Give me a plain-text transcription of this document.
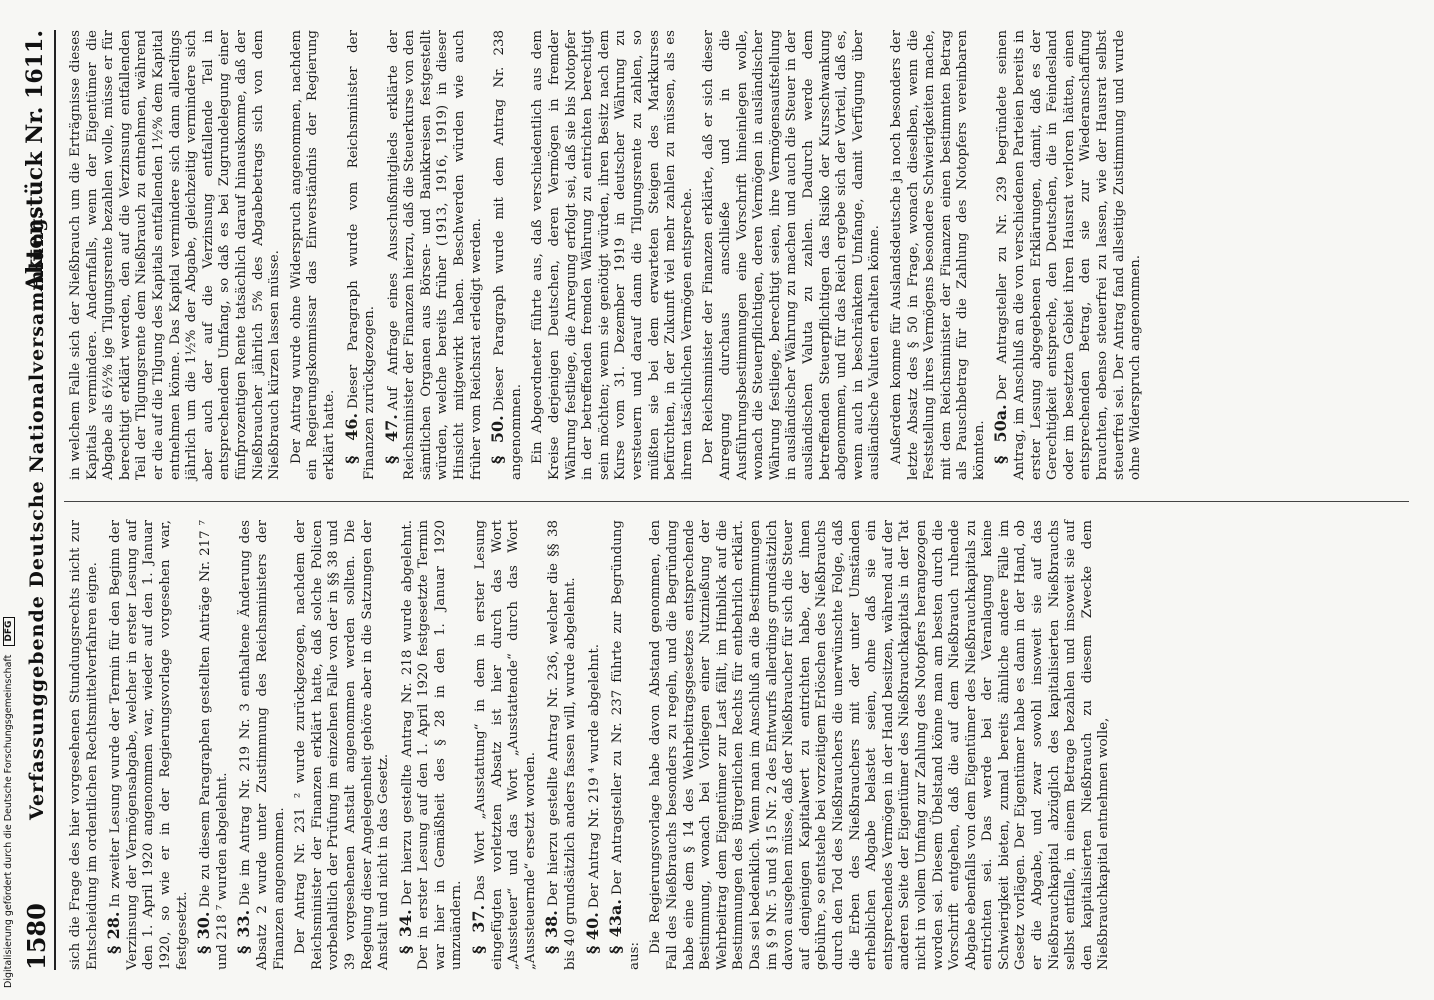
1580
Verfassunggebende Deutsche Nationalversammlung.
Aktenstück Nr. 1611.

sich die Frage des hier vorgesehenen Stundungsrechts nicht zur Entscheidung im ordentlichen Rechtsmittelverfahren eigne. § 28.In zweiter Lesung wurde der Termin für den Beginn der Verzinsung der Vermögensabgabe, welcher in erster Lesung auf den 1. April 1920 angenommen war, wieder auf den 1. Januar 1920, so wie er in der Regierungsvorlage vorgesehen war, festgesetzt. § 30.Die zu diesem Paragraphen gestellten Anträge Nr. 217 ⁷ und 218 ⁷ wurden abgelehnt. § 33.Die im Antrag Nr. 219 Nr. 3 enthaltene Änderung des Absatz 2 wurde unter Zustimmung des Reichsministers der Finanzen angenommen. Der Antrag Nr. 231 ² wurde zurückgezogen, nachdem der Reichsminister der Finanzen erklärt hatte, daß solche Policen vorbehaltlich der Prüfung im einzelnen Falle von der in §§ 38 und 39 vorgesehenen Anstalt angenommen werden sollten. Die Regelung dieser Angelegenheit gehöre aber in die Satzungen der Anstalt und nicht in das Gesetz. § 34.Der hierzu gestellte Antrag Nr. 218 wurde abgelehnt. Der in erster Lesung auf den 1. April 1920 festgesetzte Termin war hier in Gemäßheit des § 28 in den 1. Januar 1920 umzuändern. § 37.Das Wort „Ausstattung“ in dem in erster Lesung eingefügten vorletzten Absatz ist hier durch das Wort „Aussteuer“ und das Wort „Ausstattende“ durch das Wort „Aussteuernde“ ersetzt worden. § 38.Der hierzu gestellte Antrag Nr. 236, welcher die §§ 38 bis 40 grundsätzlich anders fassen will, wurde abgelehnt. § 40.Der Antrag Nr. 219 ⁴ wurde abgelehnt.

§ 43a.Der Antragsteller zu Nr. 237 führte zur Begründung aus:

Die Regierungsvorlage habe davon Abstand genommen, den Fall des Nießbrauchs besonders zu regeln, und die Begründung habe eine dem § 14 des Wehrbeitragsgesetzes entsprechende Bestimmung, wonach bei Vorliegen einer Nutznießung der Wehrbeitrag dem Eigentümer zur Last fällt, im Hinblick auf die Bestimmungen des Bürgerlichen Rechts für entbehrlich erklärt. Das sei bedenklich. Wenn man im Anschluß an die Bestimmungen im § 9 Nr. 5 und § 15 Nr. 2 des Entwurfs allerdings grundsätzlich davon ausgehen müsse, daß der Nießbraucher für sich die Steuer auf denjenigen Kapitalwert zu entrichten habe, der ihnen gebühre, so entstehe bei vorzeitigem Erlöschen des Nießbrauchs durch den Tod des Nießbrauchers die unerwünschte Folge, daß die Erben des Nießbrauchers mit der unter Umständen erheblichen Abgabe belastet seien, ohne daß sie ein entsprechendes Vermögen in der Hand besitzen, während auf der anderen Seite der Eigentümer des Nießbrauchkapitals in der Tat nicht in vollem Umfang zur Zahlung des Notopfers herangezogen worden sei. Diesem Übelstand könne man am besten durch die Vorschrift entgehen, daß die auf dem Nießbrauch ruhende Abgabe ebenfalls von dem Eigentümer des Nießbrauchkapitals zu entrichten sei. Das werde bei der Veranlagung keine Schwierigkeit bieten, zumal bereits ähnliche andere Fälle im Gesetz vorlägen. Der Eigentümer habe es dann in der Hand, ob er die Abgabe, und zwar sowohl insoweit sie auf das Nießbrauchkapital abzüglich des kapitalisierten Nießbrauchs selbst entfalle, in einem Betrage bezahlen und insoweit sie auf den kapitalisierten Nießbrauch zu diesem Zwecke dem Nießbrauchkapital entnehmen wolle,

in welchem Falle sich der Nießbrauch um die Erträgnisse dieses Kapitals vermindere. Andernfalls, wenn der Eigentümer die Abgabe als 6½% ige Tilgungsrente bezahlen wolle, müsse er für berechtigt erklärt werden, den auf die Verzinsung entfallenden Teil der Tilgungsrente dem Nießbrauch zu entnehmen, während er die auf die Tilgung des Kapitals entfallenden 1½% dem Kapital entnehmen könne. Das Kapital vermindere sich dann allerdings jährlich um die 1½% der Abgabe, gleichzeitig vermindere sich aber auch der auf die Verzinsung entfallende Teil in entsprechendem Umfang, so daß es bei Zugrundelegung einer fünfprozentigen Rente tatsächlich darauf hinauskomme, daß der Nießbraucher jährlich 5% des Abgabebetrags sich von dem Nießbrauch kürzen lassen müsse. Der Antrag wurde ohne Widerspruch angenommen, nachdem ein Regierungskommissar das Einverständnis der Regierung erklärt hatte. § 46.Dieser Paragraph wurde vom Reichsminister der Finanzen zurückgezogen. § 47.Auf Anfrage eines Ausschußmitglieds erklärte der Reichsminister der Finanzen hierzu, daß die Steuerkurse von den sämtlichen Organen aus Börsen- und Bankkreisen festgestellt würden, welche bereits früher (1913, 1916, 1919) in dieser Hinsicht mitgewirkt haben. Beschwerden würden wie auch früher vom Reichsrat erledigt werden. § 50.Dieser Paragraph wurde mit dem Antrag Nr. 238 angenommen. Ein Abgeordneter führte aus, daß verschiedentlich aus dem Kreise derjenigen Deutschen, deren Vermögen in fremder Währung festliege, die Anregung erfolgt sei, daß sie bis Notopfer in der betreffenden fremden Währung zu entrichten berechtigt sein möchten; wenn sie genötigt würden, ihren Besitz nach dem Kurse vom 31. Dezember 1919 in deutscher Währung zu versteuern und darauf dann die Tilgungsrente zu zahlen, so müßten sie bei dem erwarteten Steigen des Markkurses befürchten, in der Zukunft viel mehr zahlen zu müssen, als es ihrem tatsächlichen Vermögen entspreche. Der Reichsminister der Finanzen erklärte, daß er sich dieser Anregung durchaus anschließe und in die Ausführungsbestimmungen eine Vorschrift hineinlegen wolle, wonach die Steuerpflichtigen, deren Vermögen in ausländischer Währung festliege, berechtigt seien, ihre Vermögensaufstellung in ausländischer Währung zu machen und auch die Steuer in der ausländischen Valuta zu zahlen. Dadurch werde dem betreffenden Steuerpflichtigen das Risiko der Kursschwankung abgenommen, und für das Reich ergebe sich der Vorteil, daß es, wenn auch in beschränktem Umfange, damit Verfügung über ausländische Valuten erhalten könne. Außerdem komme für Auslandsdeutsche ja noch besonders der letzte Absatz des § 50 in Frage, wonach dieselben, wenn die Feststellung ihres Vermögens besondere Schwierigkeiten mache, mit dem Reichsminister der Finanzen einen bestimmten Betrag als Pauschbetrag für die Zahlung des Notopfers vereinbaren könnten. § 50a.Der Antragsteller zu Nr. 239 begründete seinen Antrag, im Anschluß an die von verschiedenen Parteien bereits in erster Lesung abgegebenen Erklärungen, damit, daß es der Gerechtigkeit entspreche, den Deutschen, die in Feindesland oder im besetzten Gebiet ihren Hausrat verloren hätten, einen entsprechenden Betrag, den sie zur Wiederanschaffung brauchten, ebenso steuerfrei zu lassen, wie der Hausrat selbst steuerfrei sei. Der Antrag fand allseitige Zustimmung und wurde ohne Widerspruch angenommen.

Digitalisierung gefördert durch die Deutsche Forschungsgemeinschaft DFG
